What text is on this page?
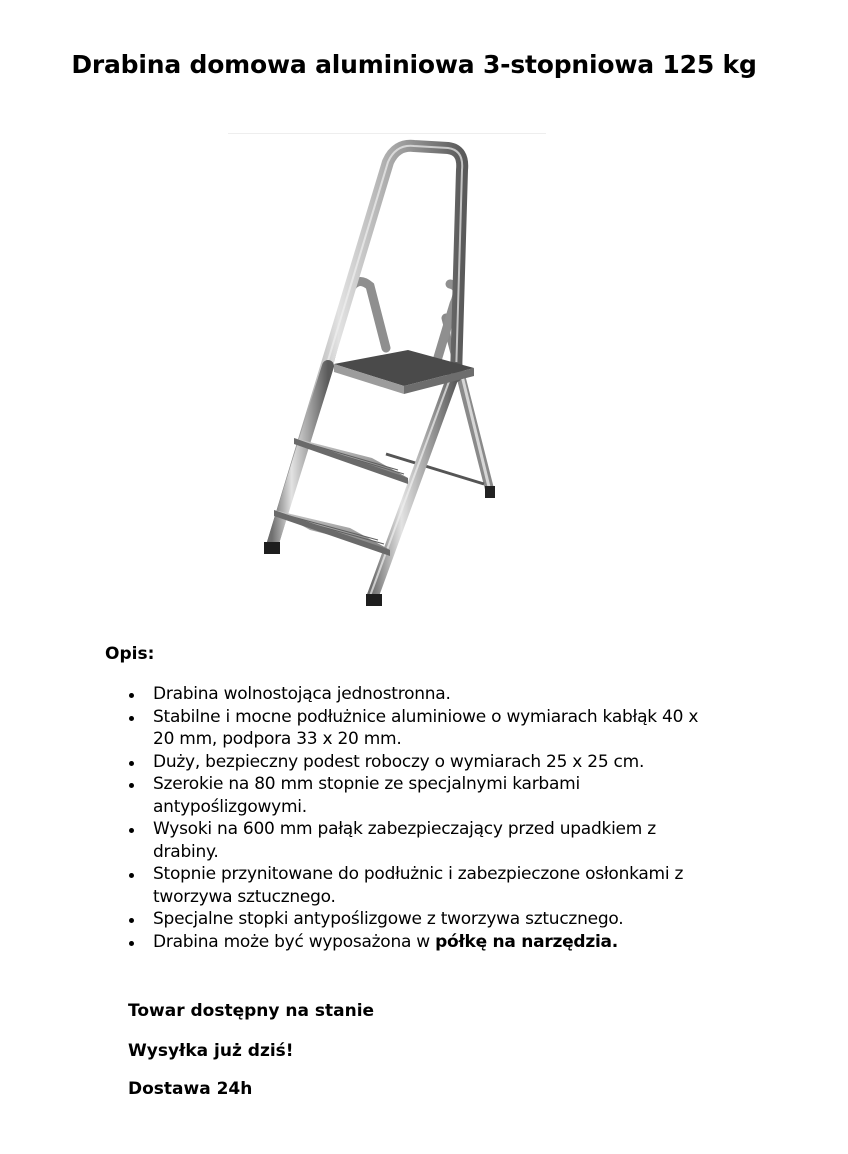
Drabina domowa aluminiowa 3-stopniowa 125 kg
Opis:
Drabina wolnostojąca jednostronna.
Stabilne i mocne podłużnice aluminiowe o wymiarach kabłąk 40 x 20 mm, podpora 33 x 20 mm.
Duży, bezpieczny podest roboczy o wymiarach 25 x 25 cm.
Szerokie na 80 mm stopnie ze specjalnymi karbami antypoślizgowymi.
Wysoki na 600 mm pałąk zabezpieczający przed upadkiem z drabiny.
Stopnie przynitowane do podłużnic i zabezpieczone osłonkami z tworzywa sztucznego.
Specjalne stopki antypoślizgowe z tworzywa sztucznego.
Drabina może być wyposażona w półkę na narzędzia.

Towar dostępny na stanie

Wysyłka już dziś!

Dostawa 24h
